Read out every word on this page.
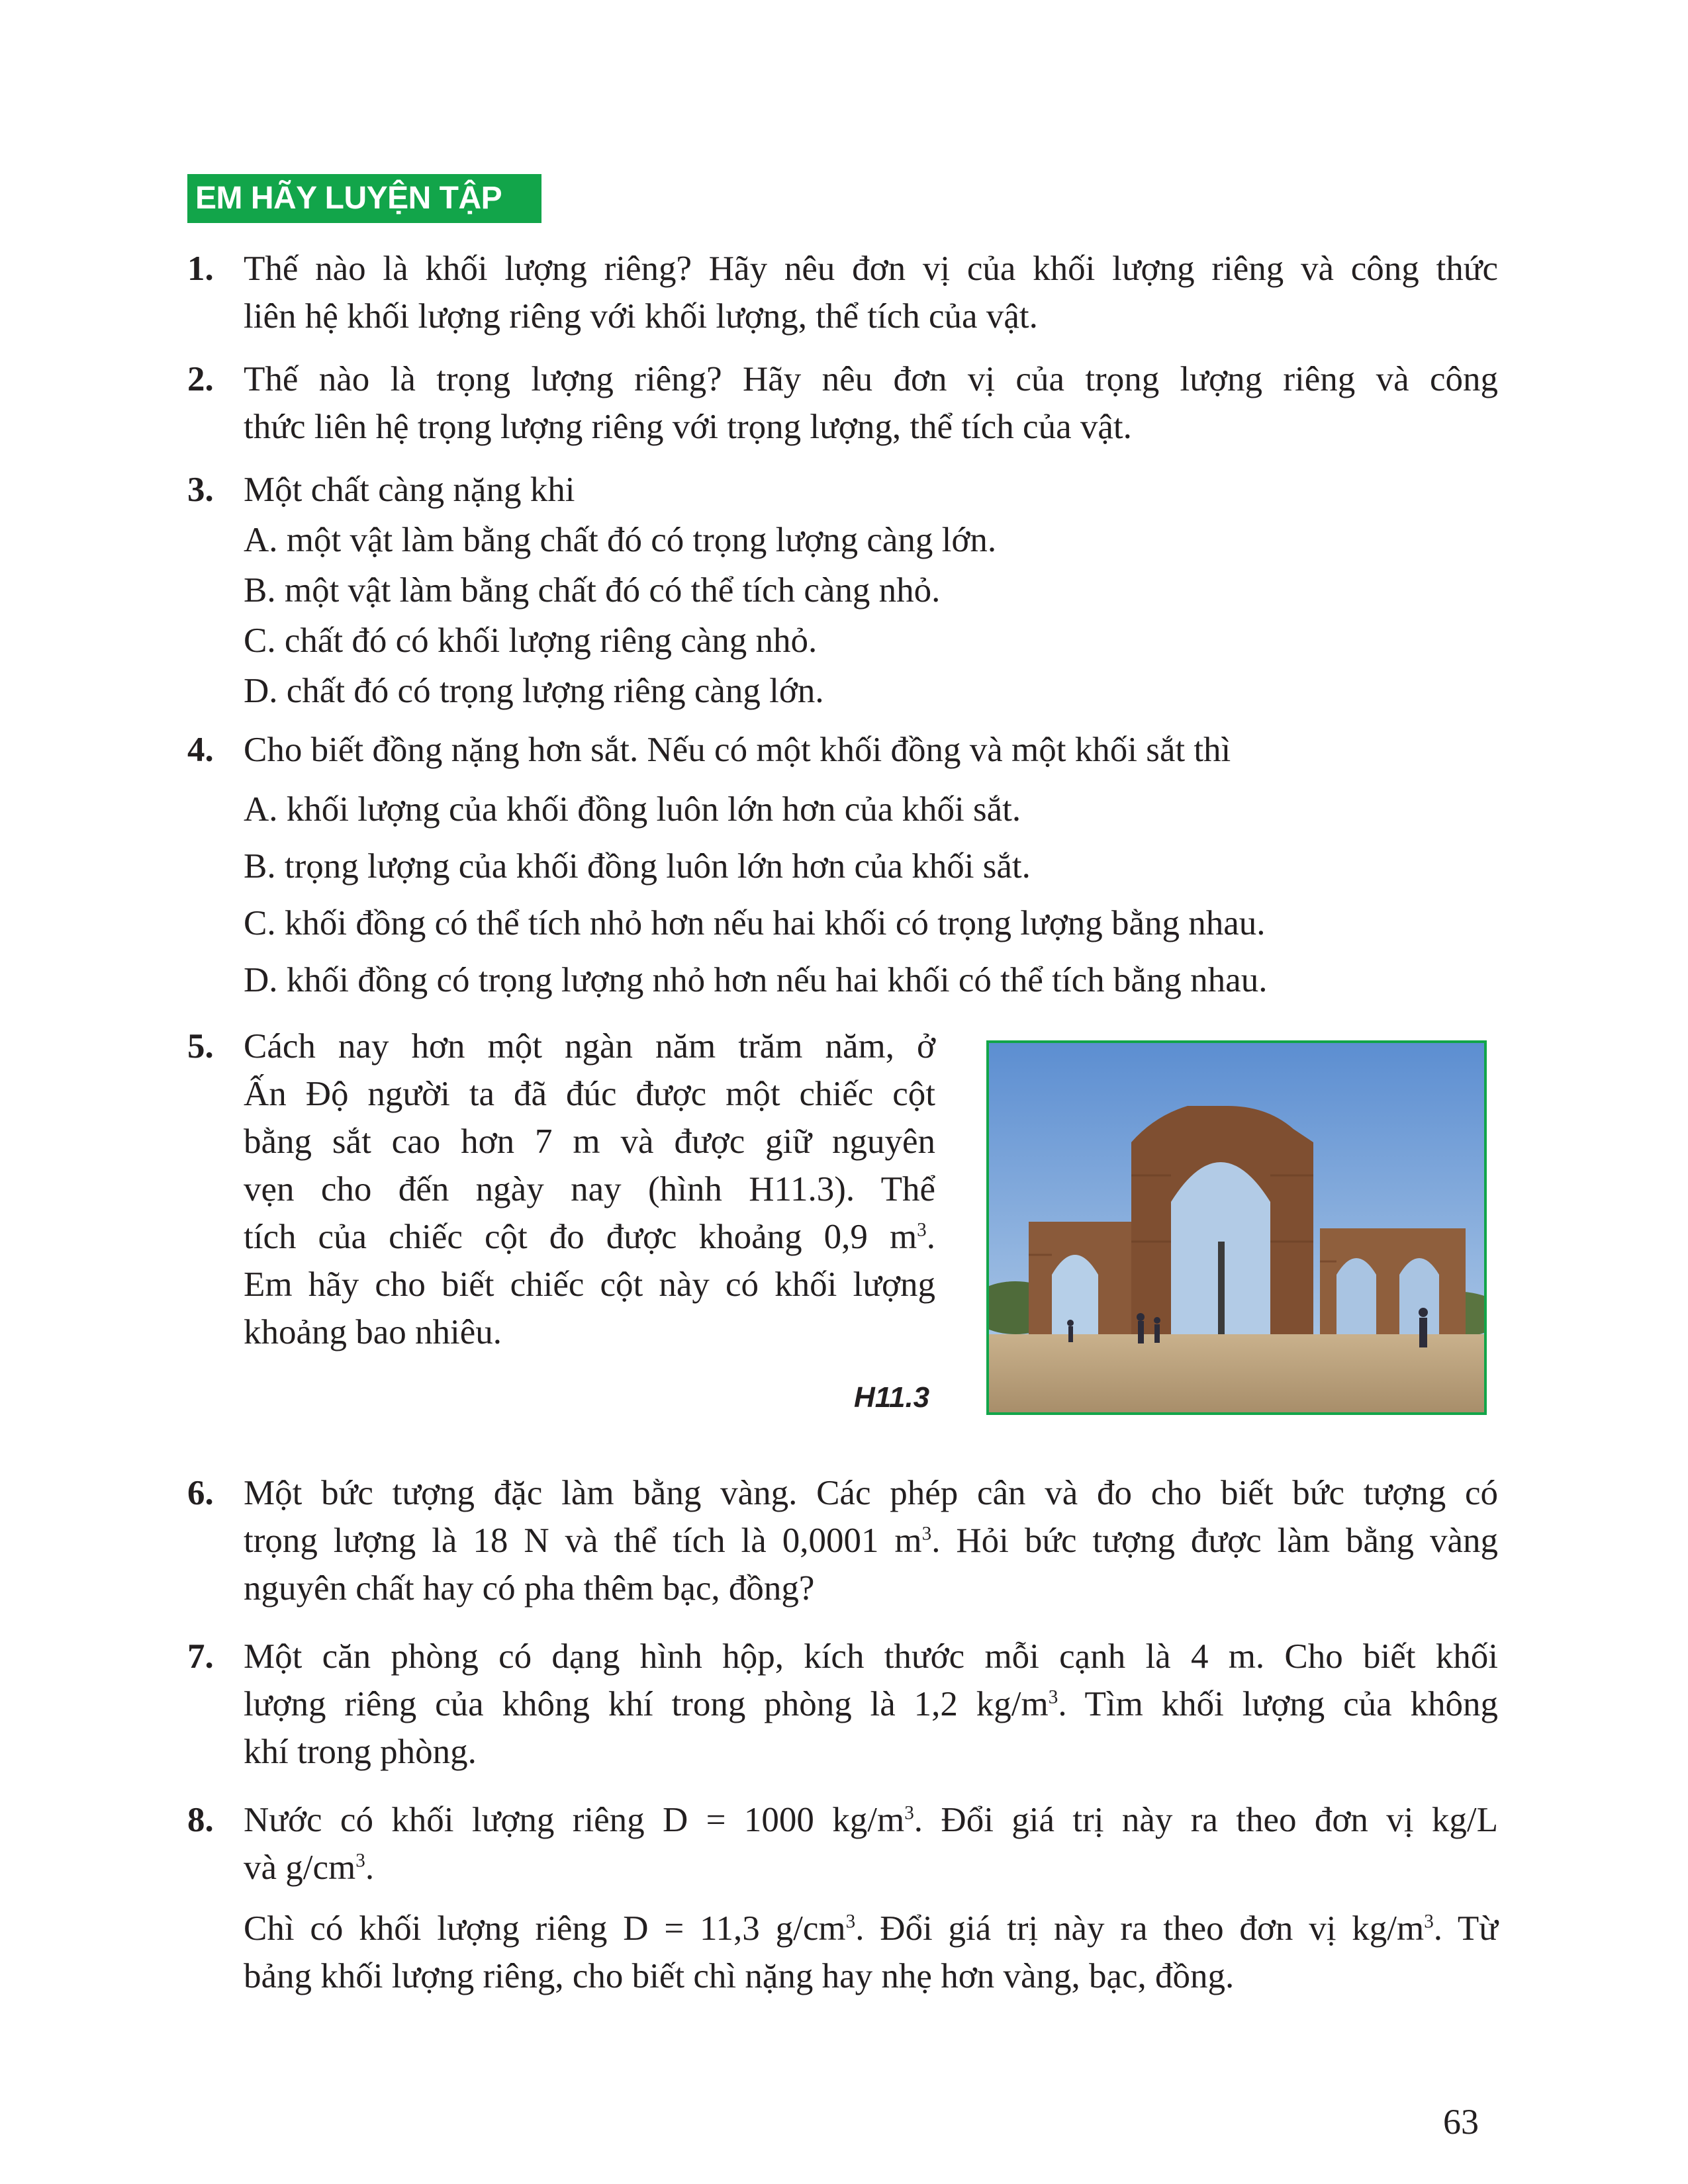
EM HÃY LUYỆN TẬP
1. Thế nào là khối lượng riêng? Hãy nêu đơn vị của khối lượng riêng và công thức
liên hệ khối lượng riêng với khối lượng, thể tích của vật.
2. Thế nào là trọng lượng riêng? Hãy nêu đơn vị của trọng lượng riêng và công
thức liên hệ trọng lượng riêng với trọng lượng, thể tích của vật.
3. Một chất càng nặng khi
A. một vật làm bằng chất đó có trọng lượng càng lớn.
B. một vật làm bằng chất đó có thể tích càng nhỏ.
C. chất đó có khối lượng riêng càng nhỏ.
D. chất đó có trọng lượng riêng càng lớn.
4. Cho biết đồng nặng hơn sắt. Nếu có một khối đồng và một khối sắt thì
A. khối lượng của khối đồng luôn lớn hơn của khối sắt.
B. trọng lượng của khối đồng luôn lớn hơn của khối sắt.
C. khối đồng có thể tích nhỏ hơn nếu hai khối có trọng lượng bằng nhau.
D. khối đồng có trọng lượng nhỏ hơn nếu hai khối có thể tích bằng nhau.
5. Cách nay hơn một ngàn năm trăm năm, ở
Ấn Độ người ta đã đúc được một chiếc cột
bằng sắt cao hơn 7 m và được giữ nguyên
vẹn cho đến ngày nay (hình H11.3). Thể
tích của chiếc cột đo được khoảng 0,9 $m^3$.
Em hãy cho biết chiếc cột này có khối lượng
khoảng bao nhiêu.
H11.3
6. Một bức tượng đặc làm bằng vàng. Các phép cân và đo cho biết bức tượng có
trọng lượng là 18 N và thể tích là 0,0001 $m^3$. Hỏi bức tượng được làm bằng vàng
nguyên chất hay có pha thêm bạc, đồng?
7. Một căn phòng có dạng hình hộp, kích thước mỗi cạnh là 4 m. Cho biết khối
lượng riêng của không khí trong phòng là 1,2 $kg/m^3$. Tìm khối lượng của không
khí trong phòng.
8. Nước có khối lượng riêng D = 1000 $kg/m^3$. Đổi giá trị này ra theo đơn vị kg/L
và $g/cm^3$.
Chì có khối lượng riêng D = 11,3 $g/cm^3$. Đổi giá trị này ra theo đơn vị $kg/m^3$. Từ
bảng khối lượng riêng, cho biết chì nặng hay nhẹ hơn vàng, bạc, đồng.
63
